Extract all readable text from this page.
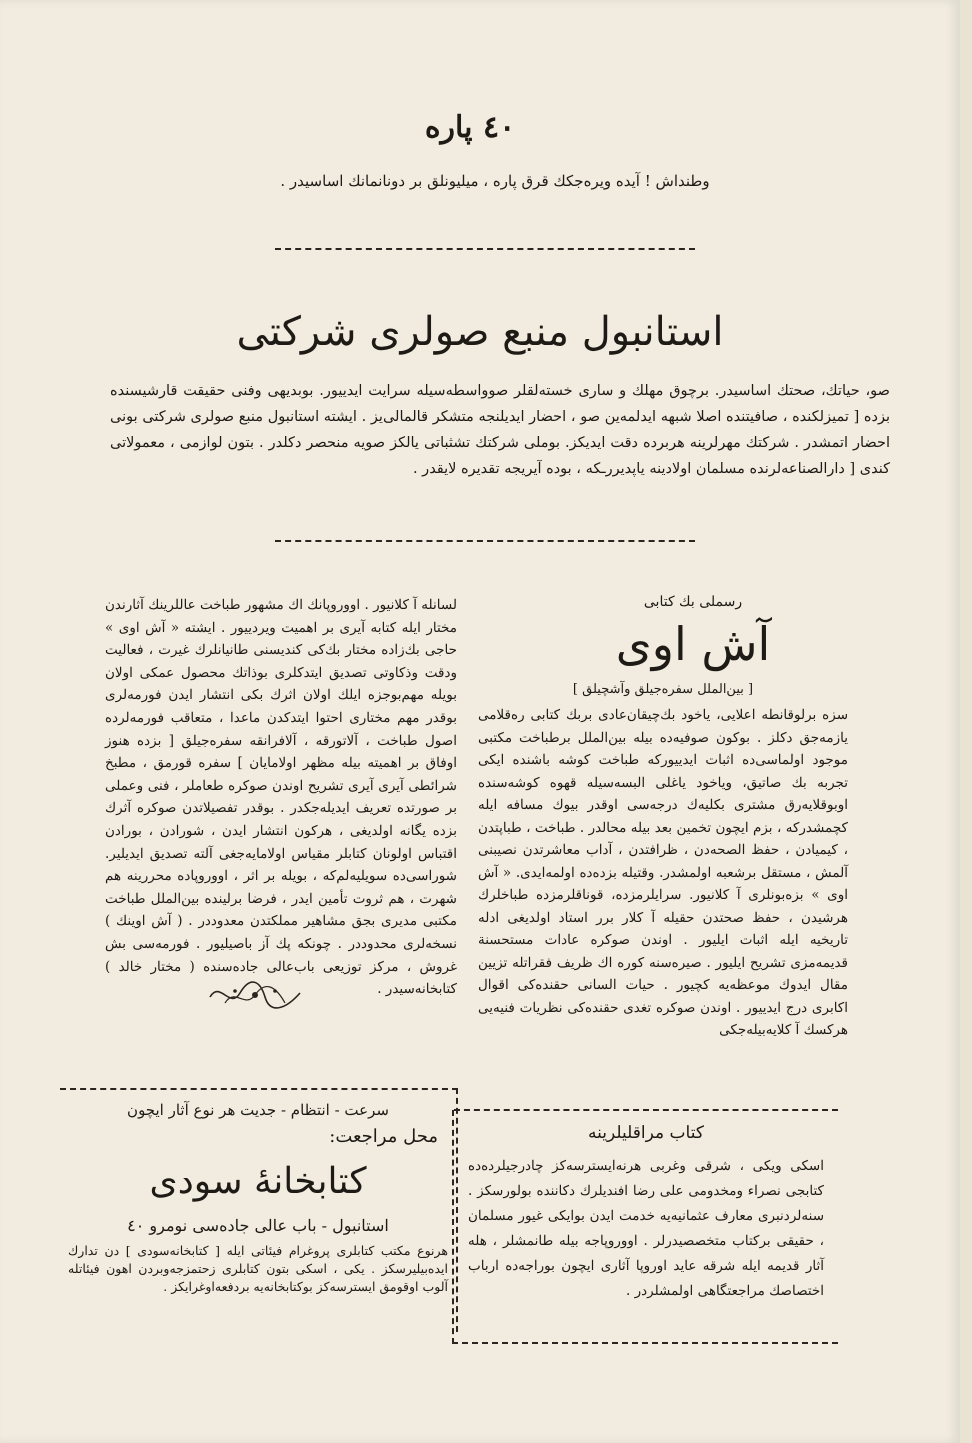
٤٠ پاره
وطنداش ! آیده ویره‌جكك قرق پاره ، میلیونلق بر دونانمانك اساسیدر .
استانبول منبع صولری شرکتی
صو، حیاتك، صحتك اساسیدر. برچوق مهلك و ساری خسته‌لقلر صوواسطه‌سیله سرایت ایدییور. بوبدیهی وفنی حقیقت قارشیسنده بزده [ تمیزلكنده ، صافیتنده اصلا شبهه ایدلمه‌ین صو ، احضار ایدیلنجه متشكر قالمالی‌یز . ایشته استانبول منبع صولری شرکتی بونی احضار اتمشدر . شرکتك مهرلرینه هربرده دقت ایدیكز. بوملی شرکتك تشثباتی یالكز صویه منحصر دكلدر . بتون لوازمی ، معمولاتی كندی [ دارالصناعه‌لرنده مسلمان اولادینه یاپدیرر‌ـكه ، بوده آیریجه تقدیره لایقدر .
لسانله آ كلانیور . اووروپانك اك مشهور طباخت عاللرینك آثارندن مختار ایله كتابه آیری بر اهمیت ویردییور . ایشته « آش اوی » حاجی بك‌زاده مختار بك‌كی كندیسنی طانیانلرك غیرت ، فعالیت ودقت وذكاوتی تصدیق ایتدكلری بوذاتك محصول عمكی اولان بویله مهم‌بوجزه ایلك اولان اثرك بكی انتشار ایدن فورمه‌لری بوقدر مهم مختاری احتوا ایتدكدن ماعدا ، متعاقب فورمه‌لرده اصول طباخت ، آلاتورقه ، آلافرانقه سفره‌جیلق [ بزده هنوز اوفاق بر اهمیته بیله مظهر اولامایان ] سفره قورمق ، مطبخ شرائطی آیری آیری تشریح اوندن صوكره طعاملر ، فنی وعملی بر صورتده تعریف ایدیله‌جكدر . بوقدر تفصیلاتدن صوكره آثرك بزده یگانه اولدیغی ، هركون انتشار ایدن ، شورادن ، بورادن اقتباس اولونان كتابلر مقیاس اولامایه‌جغی آلته تصدیق ایدیلیر. شوراسی‌ده سویلیه‌لم‌كه ، بویله بر اثر ، اووروپاده محررینه هم شهرت ، هم ثروت تأمین ایدر ، فرضا برلینده بین‌الملل طباخت مكتبی مدیری بجق مشاهیر مملكتدن معدوددر . ( آش اوینك ) نسخه‌لری محدوددر . چونكه پك آز باصیلیور . فورمه‌سی بش غروش ، مركز توزیعی باب‌عالی جاده‌سنده ( مختار خالد ) كتابخانه‌سیدر .
رسملی بك كتابی
آش اوی
[ بین‌الملل سفره‌جیلق وآشچیلق ]
سزه برلوقانطه اعلایی، یاخود بك‌چیقان‌عادی بربك كتابی ره‌قلامی یازمه‌جق دكلز . بوكون صوفیه‌ده بیله بین‌الملل برطباخت مكتبی موجود اولماسی‌ده اثبات ایدییوركه طباخت كوشه باشنده ایكی تجربه بك صاتیق، ویاخود یاغلی البسه‌سیله قهوه كوشه‌سنده اوبوقلایه‌رق مشتری بكلیه‌ك درجه‌سی اوقدر بیوك مسافه ایله كچمشدركه ، بزم ایچون تخمین بعد بیله محالدر . طباخت ، طباپتدن ، كیمیادن ، حفظ الصحه‌دن ، ظرافتدن ، آداب معاشرتدن نصیبنی آلمش ، مستقل برشعبه اولمشدر. وقتیله بزده‌ده اولمه‌ایدی. « آش اوی » بزه‌بونلری آ كلانیور. سرایلرمزده، قوناقلرمزده طباخلرك هرشیدن ، حفظ صحتدن حقیله آ كلار برر استاد اولدیغی ادله تاریخیه ایله اثبات ایلیور . اوندن صوكره عادات مستحسنة قدیمه‌مزی تشریح ایلیور . صیره‌سنه كوره اك ظریف فقراتله تزیین مقال ایدوك موعظه‌یه كچیور . حیات السانی حقنده‌كی اقوال اكابری درج ایدییور . اوندن صوكره تغدی حقنده‌كی نظریات فنیه‌یی هركسك آ كلایه‌بیله‌جكی
سرعت - انتظام - جدیت هر نوع آثار ایچون
محل مراجعت:
كتابخانهٔ سودی
استانبول - باب عالی جاده‌سی نومرو ٤٠
هرنوع مكتب كتابلری پروغرام فیئاتی ایله [ كتابخانه‌سودی ] دن تدارك ایده‌بیلیرسكز . یكی ، اسكی بتون كتابلری زحتمزجه‌وبردن اهون فیئاتله آلوب اوقومق ایسترسه‌كز بوكتابخانه‌یه بردفعه‌اوغرایكز .
كتاب مراقلیلرینه
اسكی ویكی ، شرقی وغربی هرنه‌ایسترسه‌كز چادرجیلرده‌ده كتابجی نصراء ومخدومی علی رضا افندیلرك دكاننده بولورسكز . سنه‌لردنبری معارف عثمانیه‌یه خدمت ایدن بوایكی غیور مسلمان ، حقیقی بركتاب متخصصیدرلر . اووروپاجه بیله طانمشلر ، هله آثار قدیمه ایله شرقه عاید اوروپا آثاری ایچون بوراجه‌ده ارباب اختصاصك مراجعتگاهی اولمشلردر .
